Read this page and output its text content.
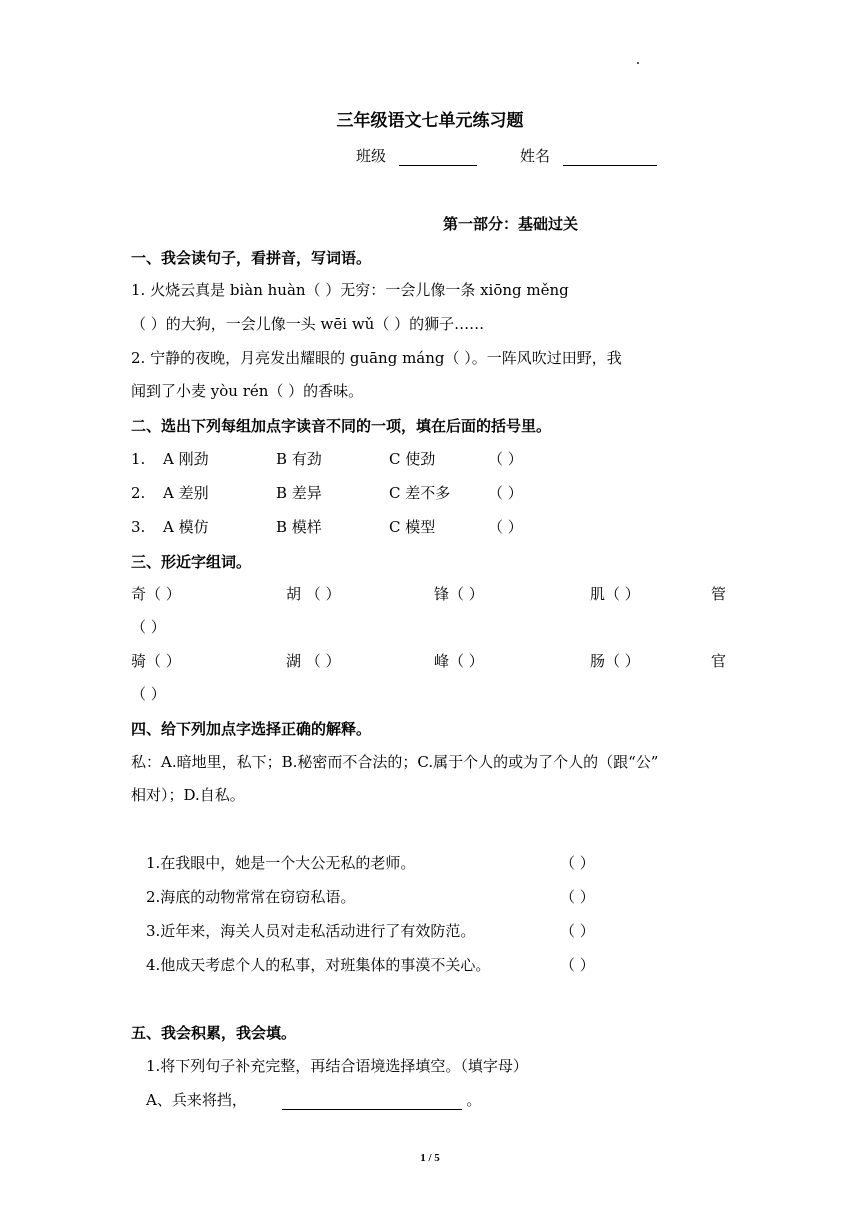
三年级语文七单元练习题
班级	姓名
第一部分：基础过关
一、我会读句子，看拼音，写词语。
1. 火烧云真是 biàn huàn（ ）无穷：一会儿像一条 xiōng měng
（ ）的大狗，一会儿像一头 wēi wǔ（ ）的狮子……
2. 宁静的夜晚，月亮发出耀眼的 guāng máng（ ）。一阵风吹过田野，我
闻到了小麦 yòu rén（ ）的香味。
二、选出下列每组加点字读音不同的一项，填在后面的括号里。
1. A 刚劲	B 有劲	C 使劲	（ ）
2. A 差别	B 差异	C 差不多	（ ）
3. A 模仿	B 模样	C 模型	（ ）
三、形近字组词。
奇（ ）	胡 （ ）	锋（ ）	肌（ ）	管
（ ）
骑（ ）	湖 （ ）	峰（ ）	肠（ ）	官
（ ）
四、给下列加点字选择正确的解释。
私：A.暗地里，私下；B.秘密而不合法的；C.属于个人的或为了个人的（跟“公”
相对）；D.自私。
1.在我眼中，她是一个大公无私的老师。	（ ）
2.海底的动物常常在窃窃私语。	（ ）
3.近年来，海关人员对走私活动进行了有效防范。	（ ）
4.他成天考虑个人的私事，对班集体的事漠不关心。	（ ）
五、我会积累，我会填。
1.将下列句子补充完整，再结合语境选择填空。（填字母）
A、兵来将挡，	。
1 / 5
